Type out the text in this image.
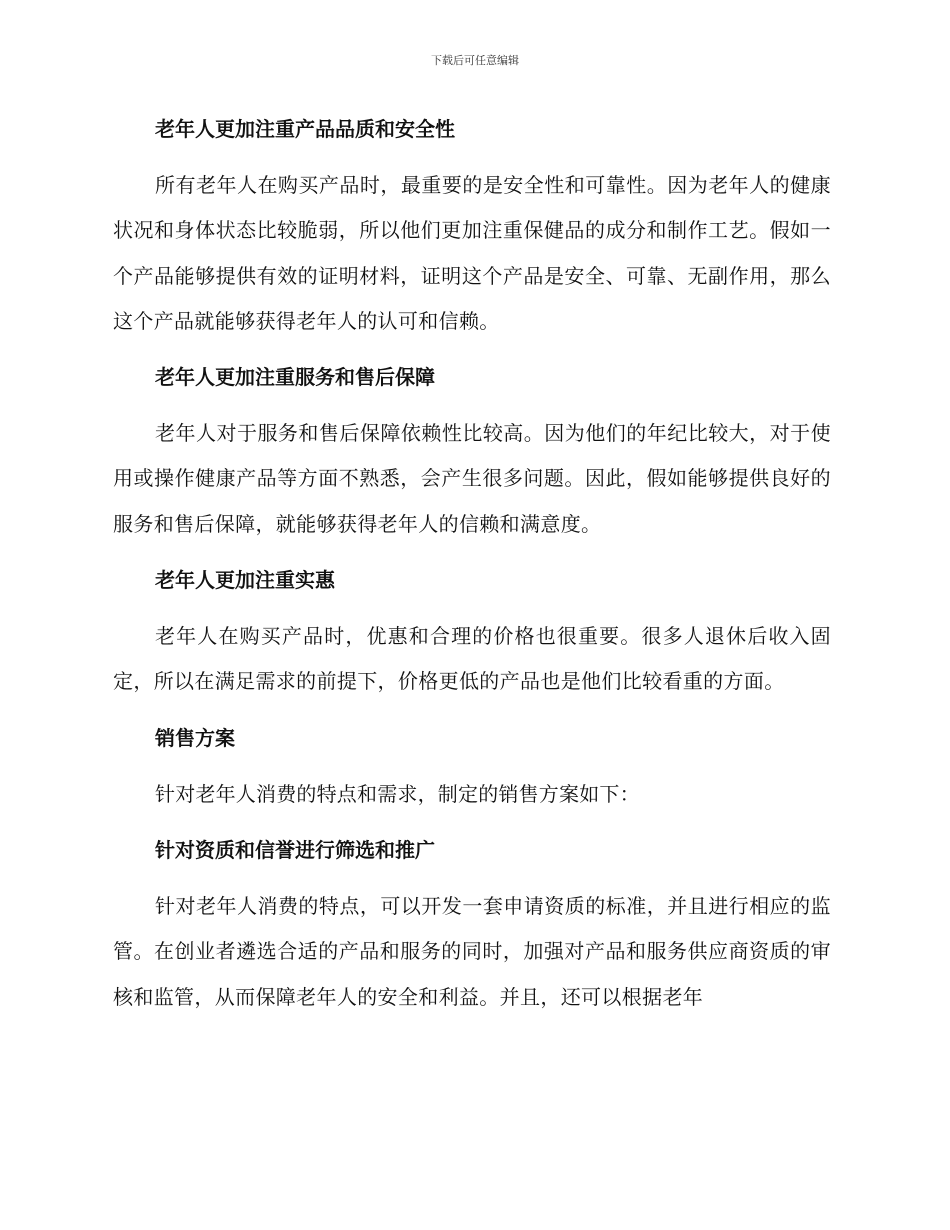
下载后可任意编辑
老年人更加注重产品品质和安全性

所有老年人在购买产品时，最重要的是安全性和可靠性。因为老年人的健康状况和身体状态比较脆弱，所以他们更加注重保健品的成分和制作工艺。假如一个产品能够提供有效的证明材料，证明这个产品是安全、可靠、无副作用，那么这个产品就能够获得老年人的认可和信赖。

老年人更加注重服务和售后保障

老年人对于服务和售后保障依赖性比较高。因为他们的年纪比较大，对于使用或操作健康产品等方面不熟悉，会产生很多问题。因此，假如能够提供良好的服务和售后保障，就能够获得老年人的信赖和满意度。

老年人更加注重实惠

老年人在购买产品时，优惠和合理的价格也很重要。很多人退休后收入固定，所以在满足需求的前提下，价格更低的产品也是他们比较看重的方面。

销售方案

针对老年人消费的特点和需求，制定的销售方案如下：

针对资质和信誉进行筛选和推广

针对老年人消费的特点，可以开发一套申请资质的标准，并且进行相应的监管。在创业者遴选合适的产品和服务的同时，加强对产品和服务供应商资质的审核和监管，从而保障老年人的安全和利益。并且，还可以根据老年
